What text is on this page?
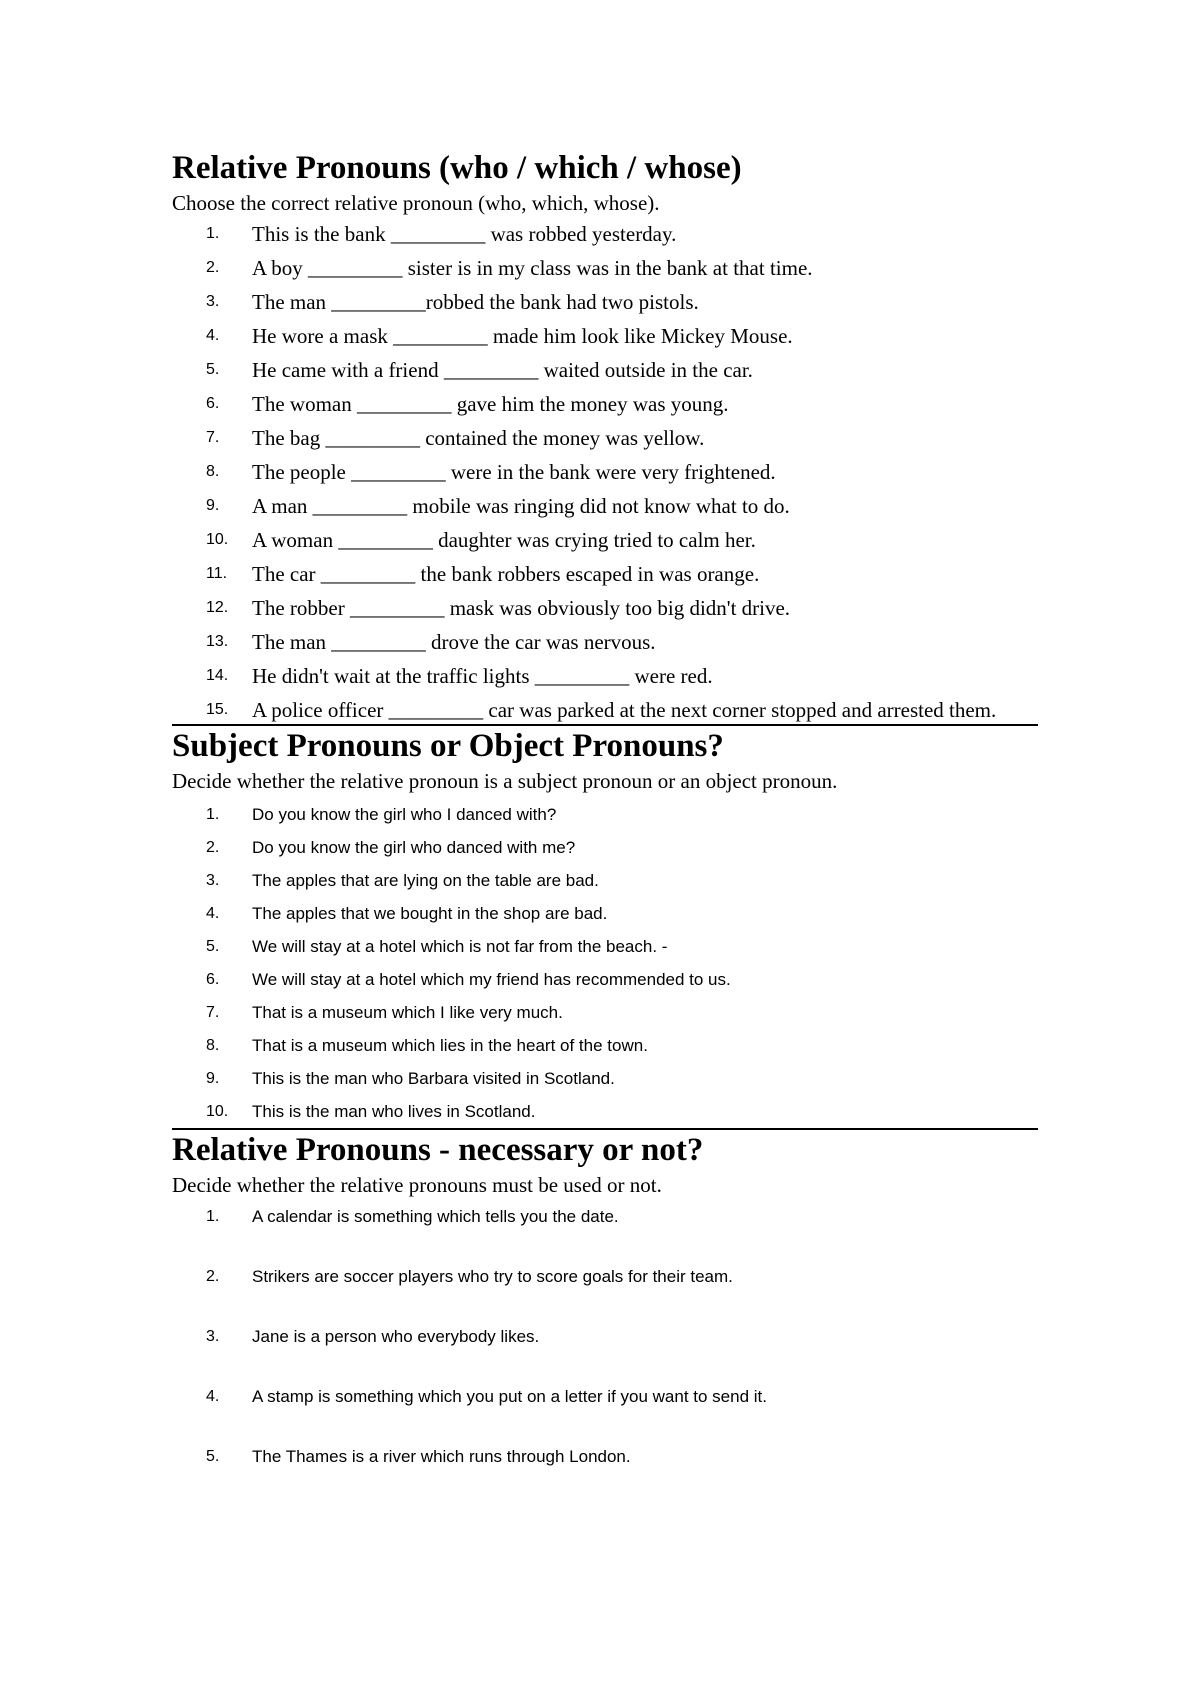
Relative Pronouns (who / which / whose)

Choose the correct relative pronoun (who, which, whose).

1.	This is the bank _________ was robbed yesterday.
2.	A boy _________ sister is in my class was in the bank at that time.
3.	The man _________robbed the bank had two pistols.
4.	He wore a mask _________ made him look like Mickey Mouse.
5.	He came with a friend _________ waited outside in the car.
6.	The woman _________ gave him the money was young.
7.	The bag _________ contained the money was yellow.
8.	The people _________ were in the bank were very frightened.
9.	A man _________ mobile was ringing did not know what to do.
10.	A woman _________ daughter was crying tried to calm her.
11.	The car _________ the bank robbers escaped in was orange.
12.	The robber _________ mask was obviously too big didn't drive.
13.	The man _________ drove the car was nervous.
14.	He didn't wait at the traffic lights _________ were red.
15.	A police officer _________ car was parked at the next corner stopped and arrested them.
Subject Pronouns or Object Pronouns?

Decide whether the relative pronoun is a subject pronoun or an object pronoun.

1.	Do you know the girl who I danced with?
2.	Do you know the girl who danced with me?
3.	The apples that are lying on the table are bad.
4.	The apples that we bought in the shop are bad.
5.	We will stay at a hotel which is not far from the beach. -
6.	We will stay at a hotel which my friend has recommended to us.
7.	That is a museum which I like very much.
8.	That is a museum which lies in the heart of the town.
9.	This is the man who Barbara visited in Scotland.
10.	This is the man who lives in Scotland.
Relative Pronouns - necessary or not?

Decide whether the relative pronouns must be used or not.

1.	A calendar is something which tells you the date.
2.	Strikers are soccer players who try to score goals for their team.
3.	Jane is a person who everybody likes.
4.	A stamp is something which you put on a letter if you want to send it.
5.	The Thames is a river which runs through London.
